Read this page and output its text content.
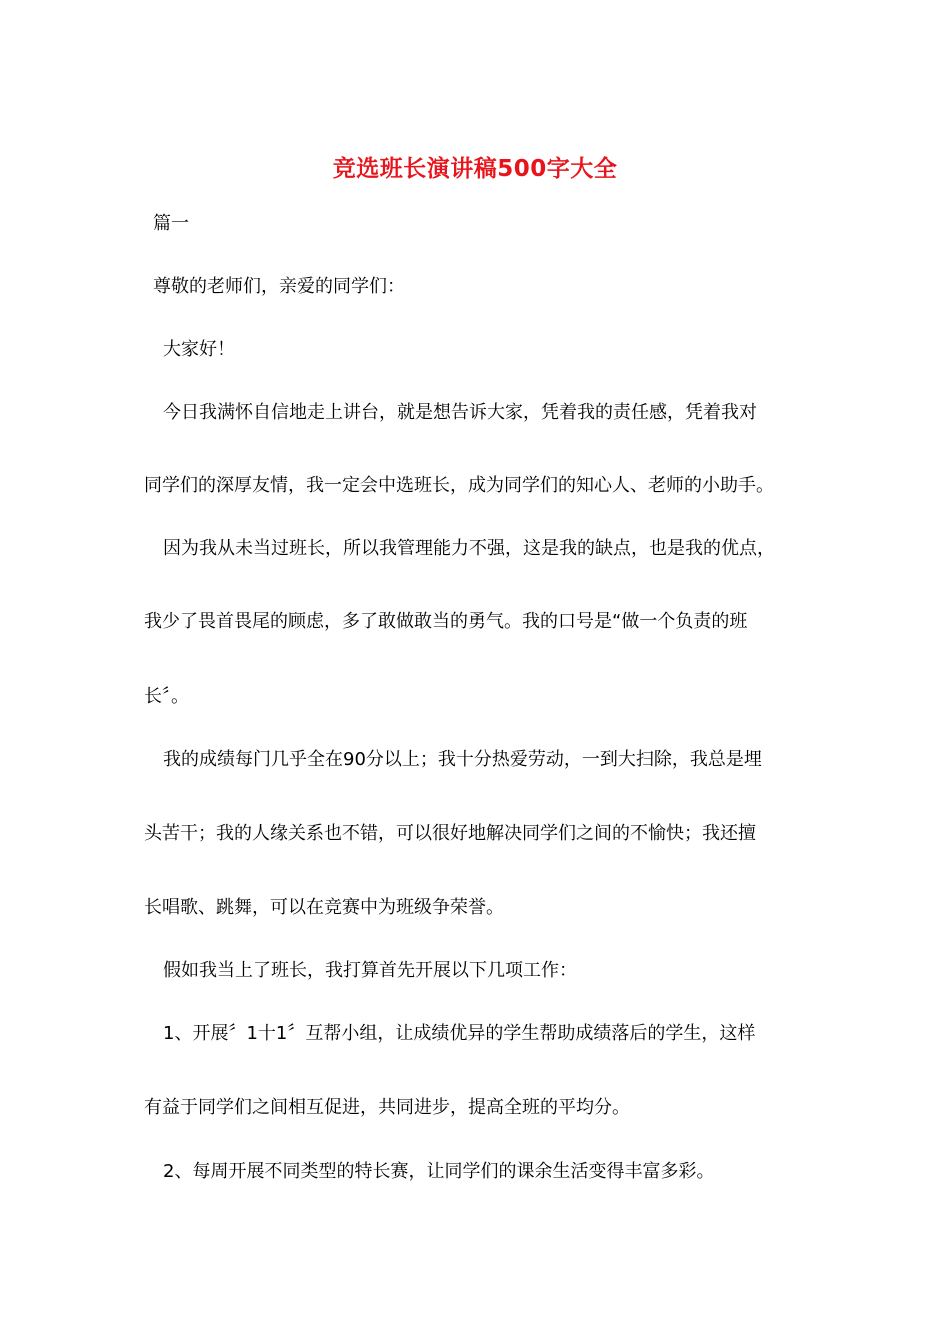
竞选班长演讲稿500字大全
篇一
尊敬的老师们，亲爱的同学们：
大家好！
今日我满怀自信地走上讲台，就是想告诉大家，凭着我的责任感，凭着我对
同学们的深厚友情，我一定会中选班长，成为同学们的知心人、老师的小助手。
因为我从未当过班长，所以我管理能力不强，这是我的缺点，也是我的优点，
我少了畏首畏尾的顾虑，多了敢做敢当的勇气。我的口号是“做一个负责的班
长〞。
我的成绩每门几乎全在90分以上；我十分热爱劳动，一到大扫除，我总是埋
头苦干；我的人缘关系也不错，可以很好地解决同学们之间的不愉快；我还擅
长唱歌、跳舞，可以在竞赛中为班级争荣誉。
假如我当上了班长，我打算首先开展以下几项工作：
1、开展〞1十1〞互帮小组，让成绩优异的学生帮助成绩落后的学生，这样
有益于同学们之间相互促进，共同进步，提高全班的平均分。
2、每周开展不同类型的特长赛，让同学们的课余生活变得丰富多彩。
